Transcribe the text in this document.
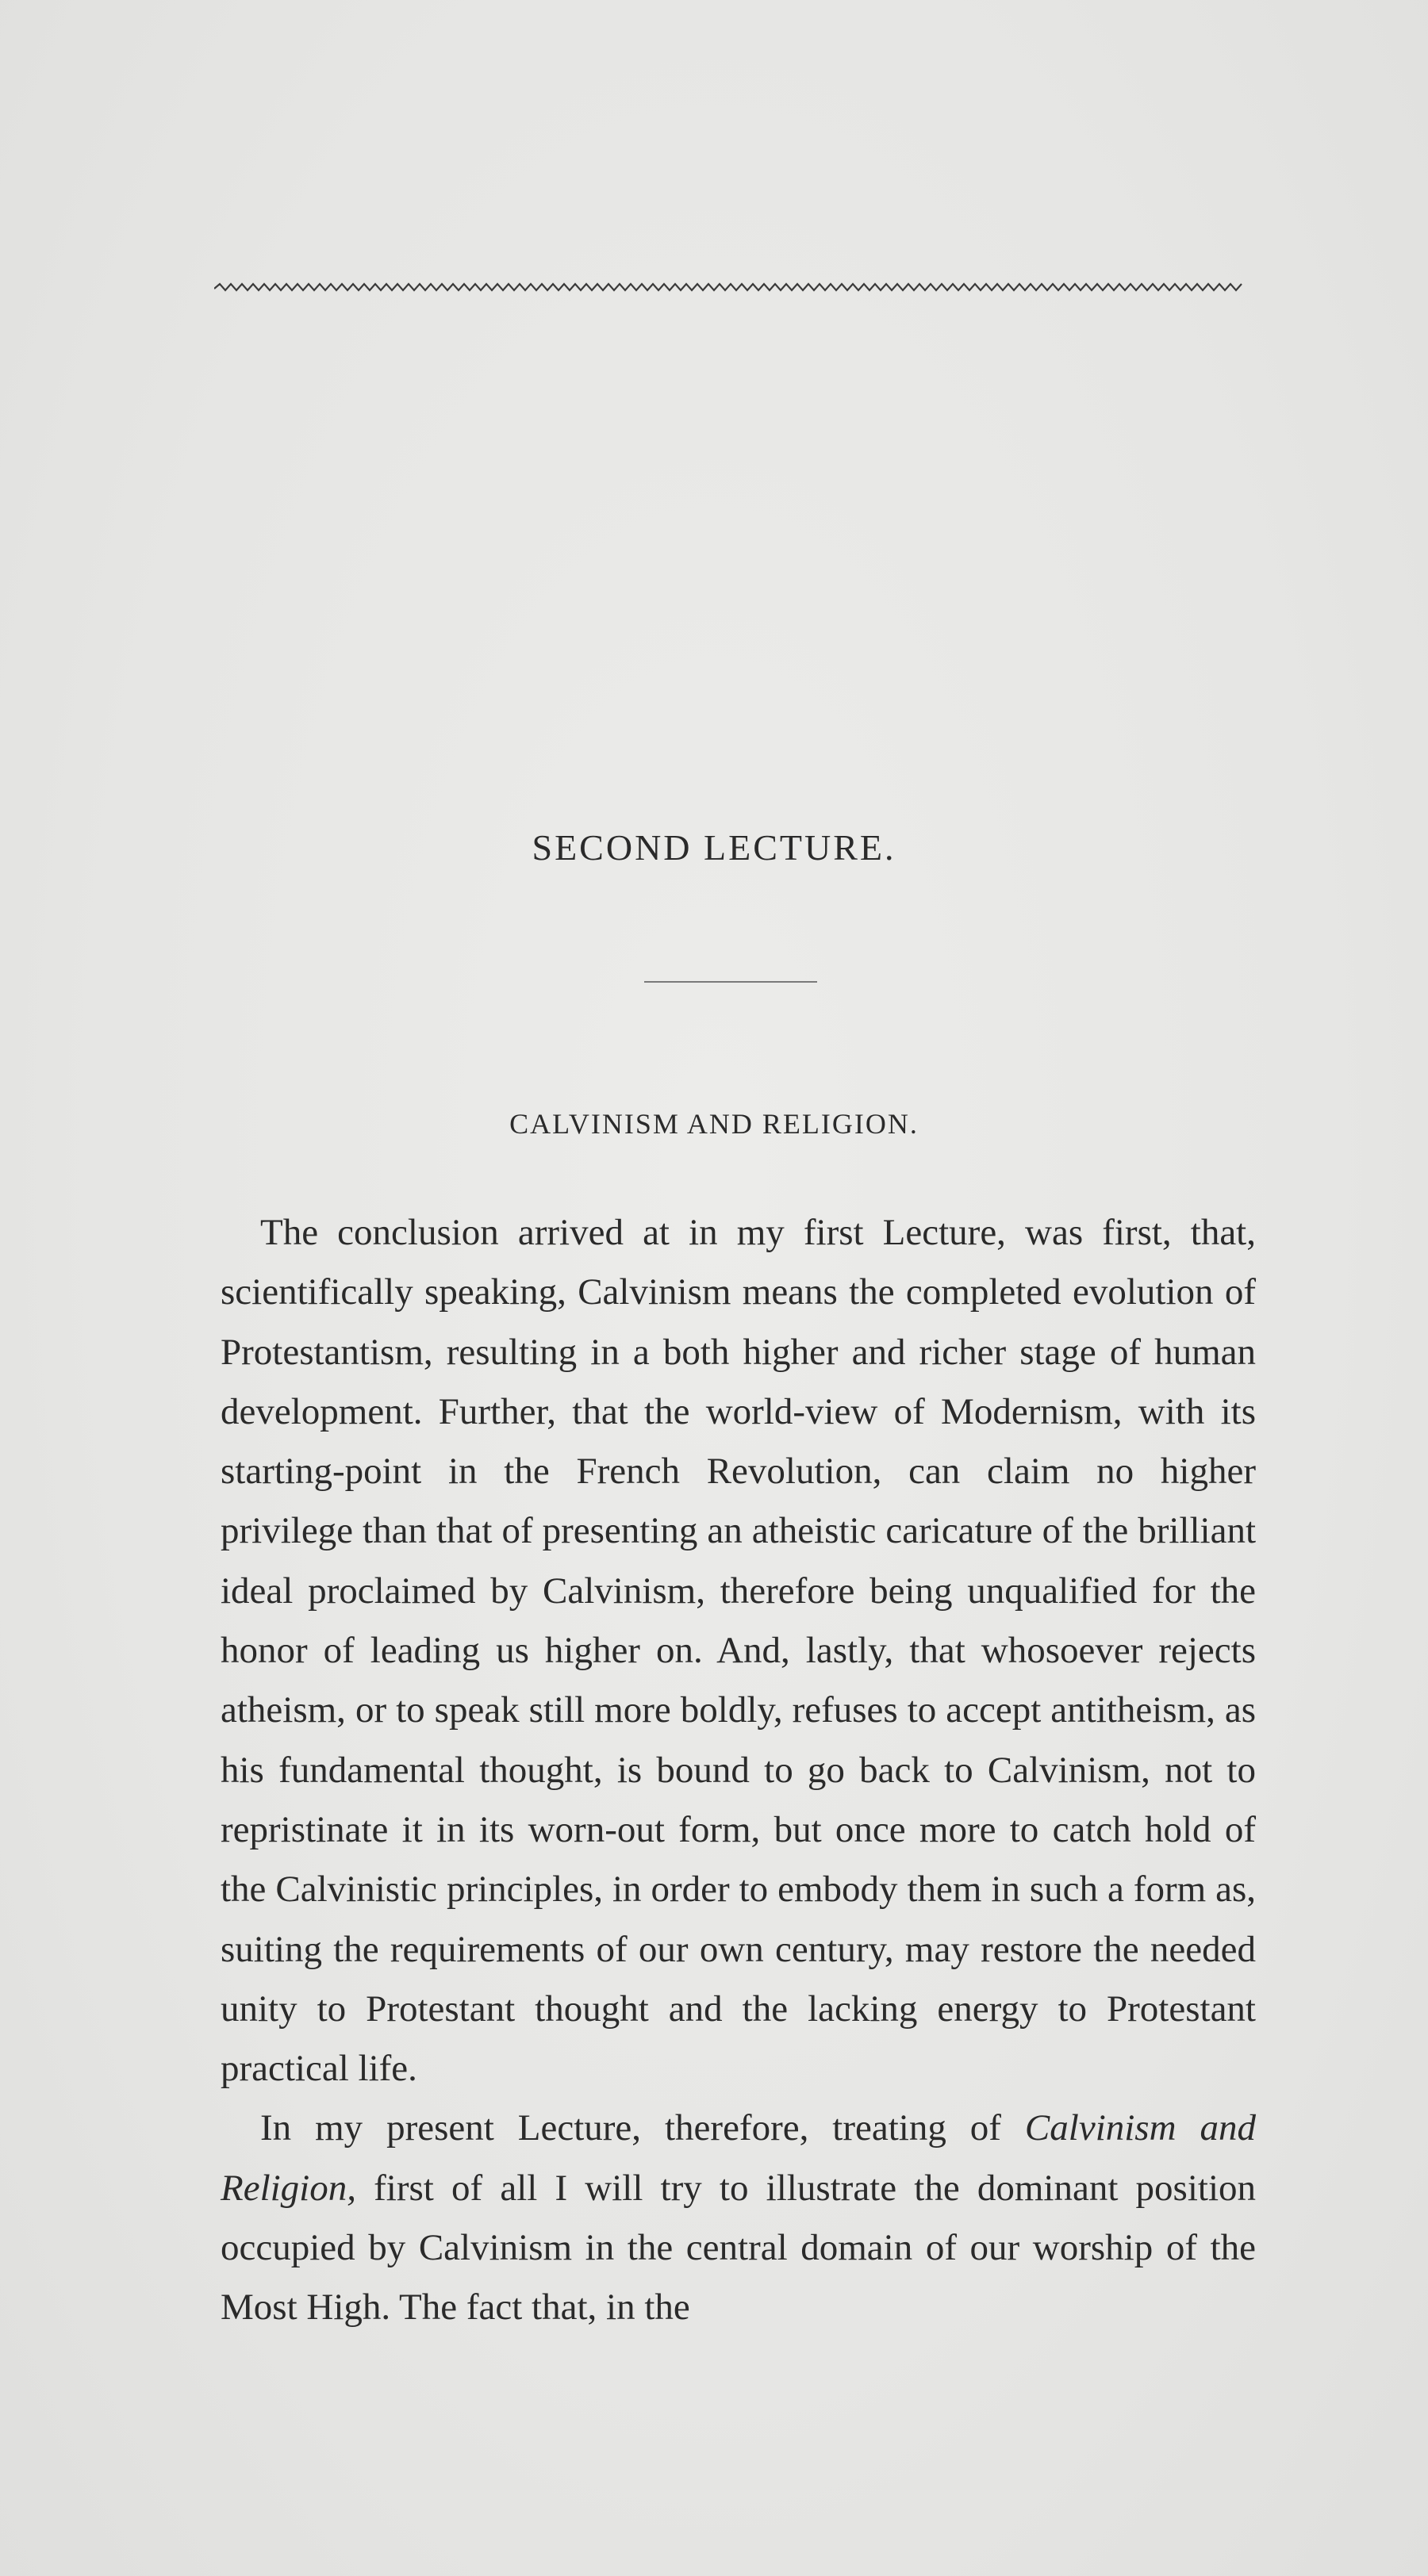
SECOND LECTURE.
CALVINISM AND RELIGION.

The conclusion arrived at in my first Lecture, was first, that, scientifically speaking, Calvinism means the completed evolution of Protestantism, resulting in a both higher and richer stage of human development. Further, that the world-view of Modernism, with its starting-point in the French Revolution, can claim no higher privilege than that of presenting an atheistic caricature of the brilliant ideal proclaimed by Calvinism, therefore being unqualified for the honor of leading us higher on. And, lastly, that whosoever rejects atheism, or to speak still more boldly, refuses to accept antitheism, as his fundamental thought, is bound to go back to Calvinism, not to repristinate it in its worn-out form, but once more to catch hold of the Calvinistic principles, in order to embody them in such a form as, suiting the requirements of our own century, may restore the needed unity to Protestant thought and the lacking energy to Protestant practical life.

In my present Lecture, therefore, treating of Calvinism and Religion, first of all I will try to illustrate the dominant position occupied by Calvinism in the central domain of our worship of the Most High. The fact that, in the
